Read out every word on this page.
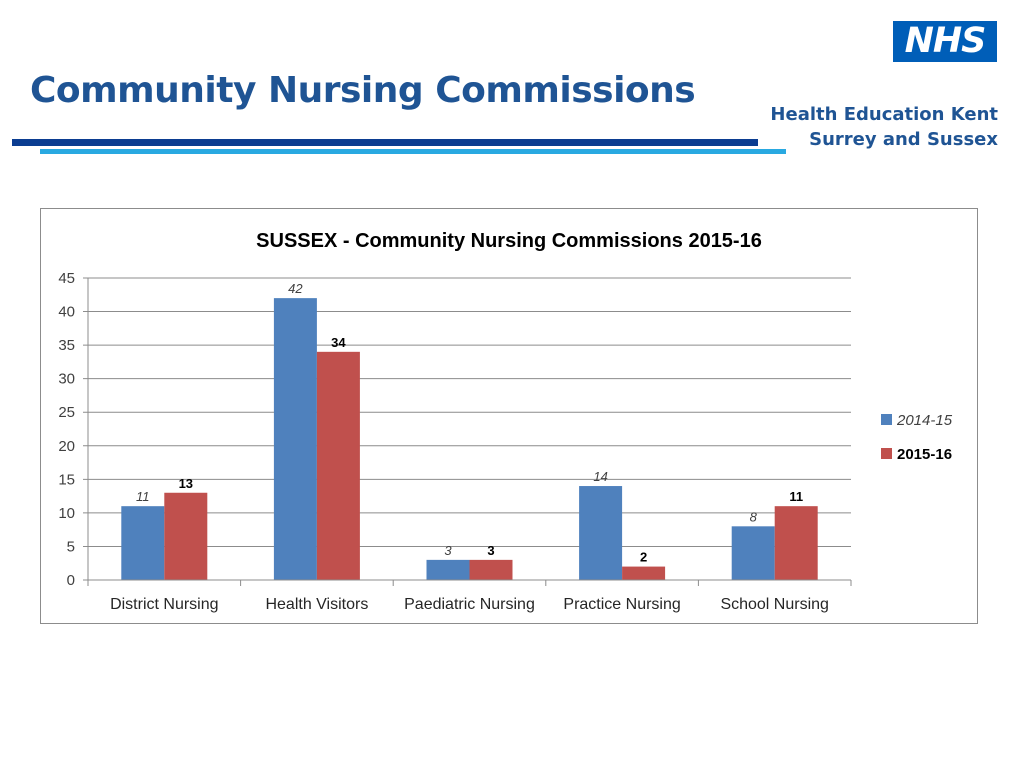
Community Nursing Commissions
NHS
Health Education Kent
Surrey and Sussex
SUSSEX - Community Nursing Commissions 2015-16
0
5
10
15
20
25
30
35
40
45
District Nursing
11
13
Health Visitors
42
34
Paediatric Nursing
3	3
Practice Nursing
14
2
School Nursing
8
11
2014-15
2015-16
